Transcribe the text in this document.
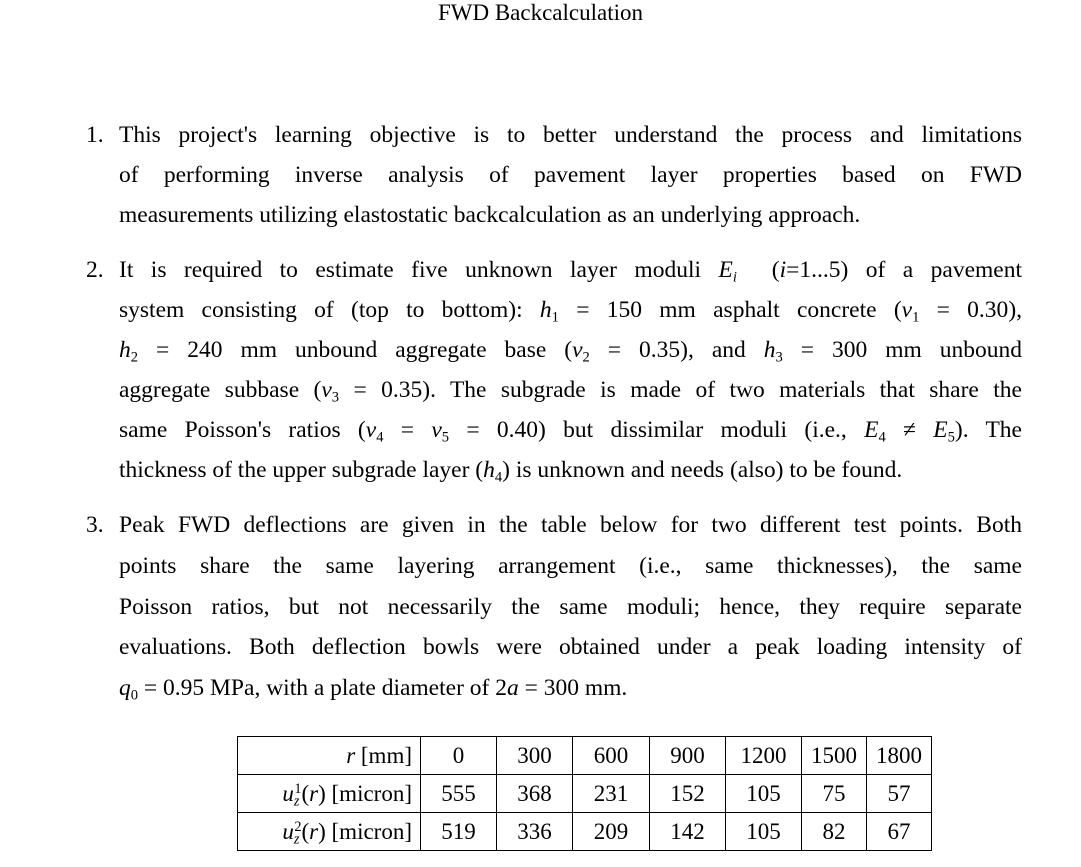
FWD Backcalculation
1. This project's learning objective is to better understand the process and limitations
of performing inverse analysis of pavement layer properties based on FWD
measurements utilizing elastostatic backcalculation as an underlying approach.
2. It is required to estimate five unknown layer moduli $E_i$  (i=1...5) of a pavement
system consisting of (top to bottom): $h_1 = 150$ mm asphalt concrete $(\nu_1 = 0.30)$,
$h_2 = 240$ mm unbound aggregate base $(\nu_2 = 0.35)$, and $h_3 = 300$ mm unbound
aggregate subbase $(\nu_3 = 0.35)$. The subgrade is made of two materials that share the
same Poisson's ratios $(\nu_4 = \nu_5 = 0.40)$ but dissimilar moduli (i.e., $E_4 \ne E_5$). The
thickness of the upper subgrade layer $(h_4)$ is unknown and needs (also) to be found.
3. Peak FWD deflections are given in the table below for two different test points. Both
points share the same layering arrangement (i.e., same thicknesses), the same
Poisson ratios, but not necessarily the same moduli; hence, they require separate
evaluations. Both deflection bowls were obtained under a peak loading intensity of
$q_0 = 0.95$ MPa, with a plate diameter of 2a = 300 mm.
r [mm]	0	300	600	900	1200	1500	1800
$u_z^1(r)$ [micron]	555	368	231	152	105	75	57
$u_z^2(r)$ [micron]	519	336	209	142	105	82	67
